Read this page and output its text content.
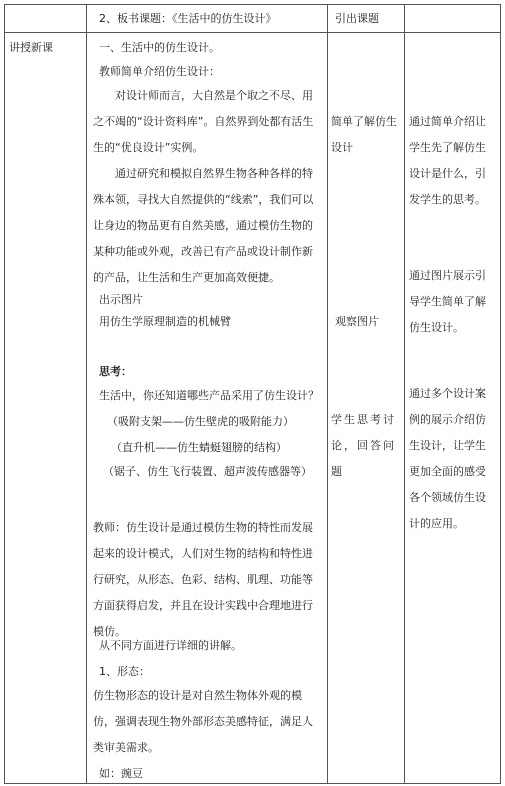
2、板书课题：《生活中的仿生设计》	引出课题
讲授新课	一、生活中的仿生设计。
教师简单介绍仿生设计：
对设计师而言，大自然是个取之不尽、用之不竭的“设计资料库”。自然界到处都有活生生的“优良设计”实例。
通过研究和模拟自然界生物各种各样的特殊本领，寻找大自然提供的“线索”，我们可以让身边的物品更有自然美感，通过模仿生物的某种功能或外观，改善已有产品或设计制作新的产品，让生活和生产更加高效便捷。
出示图片
用仿生学原理制造的机械臂
思考：
生活中，你还知道哪些产品采用了仿生设计？
（吸附支架——仿生壁虎的吸附能力）
（直升机——仿生蜻蜓翅膀的结构）
（锯子、仿生飞行装置、超声波传感器等）
教师：仿生设计是通过模仿生物的特性而发展起来的设计模式，人们对生物的结构和特性进行研究，从形态、色彩、结构、肌理、功能等方面获得启发，并且在设计实践中合理地进行模仿。
从不同方面进行详细的讲解。
1、形态：
仿生物形态的设计是对自然生物体外观的模仿，强调表现生物外部形态美感特征，满足人类审美需求。
如：豌豆
简单了解仿生设计
观察图片
学生思考讨论，回答问题
通过简单介绍让学生先了解仿生设计是什么，引发学生的思考。
通过图片展示引导学生简单了解仿生设计。
通过多个设计案例的展示介绍仿生设计，让学生更加全面的感受各个领域仿生设计的应用。
